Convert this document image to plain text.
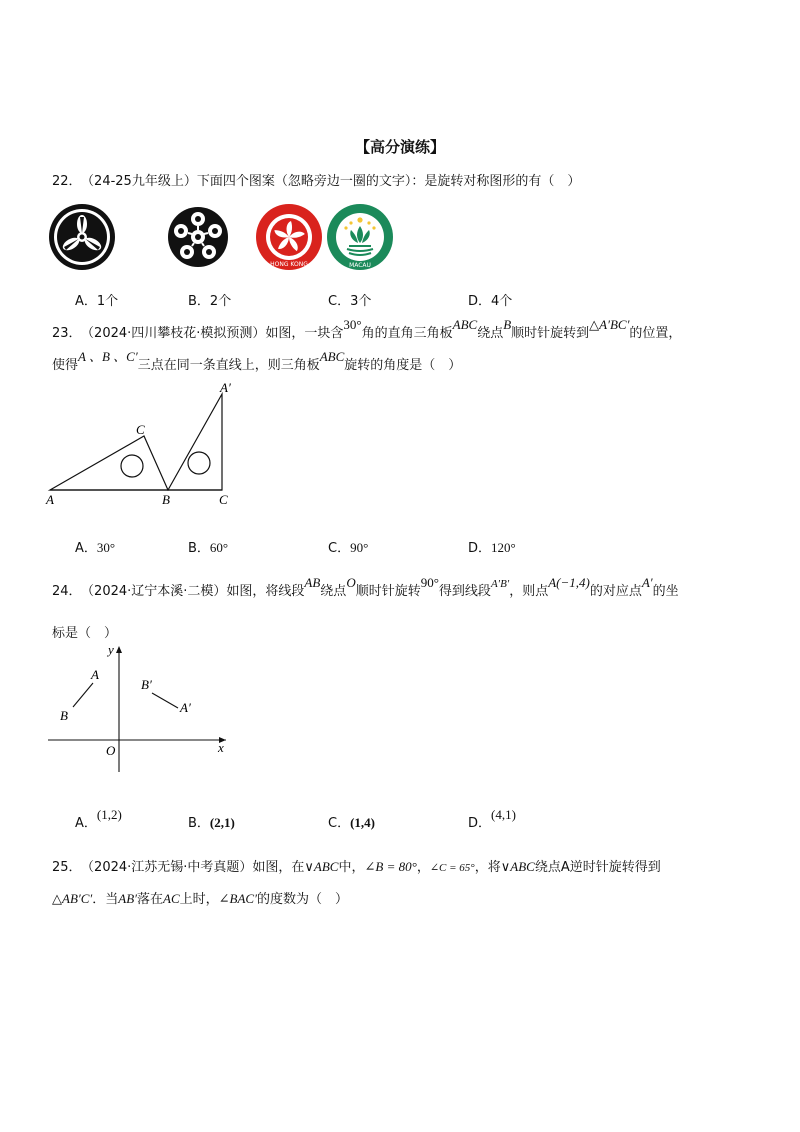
【高分演练】
22． （24-25九年级上）下面四个图案（忽略旁边一圈的文字）：是旋转对称图形的有（　）
HONG KONG	MACAU
A．1个	B．2个	C．3个	D．4个
23． （2024·四川攀枝花·模拟预测）如图，一块含30°角的直角三角板ABC绕点B顺时针旋转到△A′BC′的位置，
使得A 、B 、C′三点在同一条直线上，则三角板ABC旋转的角度是（　）
A
C
B
A′
C
A．30°	B．60°	C．90°	D．120°
24． （2024·辽宁本溪·二模）如图，将线段AB绕点O顺时针旋转90°得到线段$^{A'B'}$，则点A(−1,4)的对应点A′的坐
标是（　）
x
y
O
A
B
B′
A′
A．(1,2)
B．(2,1)	C．(1,4)	D．(4,1)
25． （2024·江苏无锡·中考真题）如图，在∨ABC中，∠B = 80°，∠C = 65°，将∨ABC绕点A逆时针旋转得到
△AB′C′．当AB′落在AC上时，∠BAC′的度数为（　）
